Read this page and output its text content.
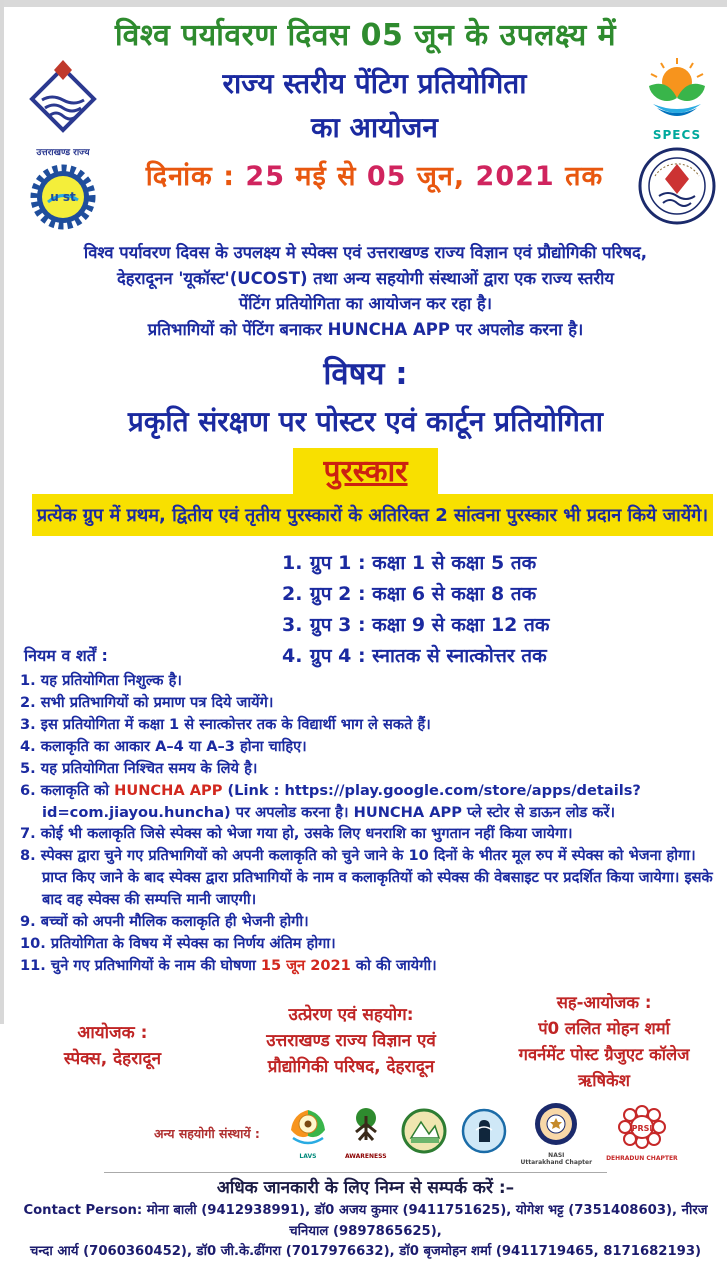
विश्व पर्यावरण दिवस 05 जून के उपलक्ष्य में
उत्तराखण्ड राज्य
u st
राज्य स्तरीय पेंटिग प्रतियोगिता
का आयोजन
दिनांक : 25 मई से 05 जून, 2021 तक
SPECS
विश्व पर्यावरण दिवस के उपलक्ष्य मे स्पेक्स एवं उत्तराखण्ड राज्य विज्ञान एवं प्रौद्योगिकी परिषद,
देहरादूनन 'यूकॉस्ट'(UCOST) तथा अन्य सहयोगी संस्थाओं द्वारा एक राज्य स्तरीय
पेंटिंग प्रतियोगिता का आयोजन कर रहा है।
प्रतिभागियों को पेंटिंग बनाकर HUNCHA APP पर अपलोड करना है।
विषय :
प्रकृति संरक्षण पर पोस्टर एवं कार्टून प्रतियोगिता
पुरस्कार
प्रत्येक ग्रुप में प्रथम, द्वितीय एवं तृतीय पुरस्कारों के अतिरिक्त 2 सांत्वना पुरस्कार भी प्रदान किये जायेंगे।
नियम व शर्तें :
1. ग्रुप 1 : कक्षा 1 से कक्षा 5 तक
2. ग्रुप 2 : कक्षा 6 से कक्षा 8 तक
3. ग्रुप 3 : कक्षा 9 से कक्षा 12 तक
4. ग्रुप 4 : स्नातक से स्नात्कोत्तर तक
1. यह प्रतियोगिता निशुल्क है।
2. सभी प्रतिभागियों को प्रमाण पत्र दिये जायेंगे।
3. इस प्रतियोगिता में कक्षा 1 से स्नात्कोत्तर तक के विद्यार्थी भाग ले सकते हैं।
4. कलाकृति का आकार A–4 या A–3 होना चाहिए।
5. यह प्रतियोगिता निश्चित समय के लिये है।
6. कलाकृति को HUNCHA APP (Link : https://play.google.com/store/apps/details?id=com.jiayou.huncha) पर अपलोड करना है। HUNCHA APP प्ले स्टोर से डाऊन लोड करें।
7. कोई भी कलाकृति जिसे स्पेक्स को भेजा गया हो, उसके लिए धनराशि का भुगतान नहीं किया जायेगा।
8. स्पेक्स द्वारा चुने गए प्रतिभागियों को अपनी कलाकृति को चुने जाने के 10 दिनों के भीतर मूल रुप में स्पेक्स को भेजना होगा। प्राप्त किए जाने के बाद स्पेक्स द्वारा प्रतिभागियों के नाम व कलाकृतियों को स्पेक्स की वेबसाइट पर प्रदर्शित किया जायेगा। इसके बाद वह स्पेक्स की सम्पत्ति मानी जाएगी।
9. बच्चों को अपनी मौलिक कलाकृति ही भेजनी होगी।
10. प्रतियोगिता के विषय में स्पेक्स का निर्णय अंतिम होगा।
11. चुने गए प्रतिभागियों के नाम की घोषणा 15 जून 2021 को की जायेगी।
आयोजक :
स्पेक्स, देहरादून
उत्प्रेरण एवं सहयोग:
उत्तराखण्ड राज्य विज्ञान एवं
प्रौद्योगिकी परिषद, देहरादून
सह-आयोजक :
पं0 ललित मोहन शर्मा
गवर्नमेंट पोस्ट ग्रैजुएट कॉलेज
ऋषिकेश
अन्य सहयोगी संस्थायें :
LAVS	AWARENESS	NASI
Uttarakhand Chapter
PRSI
DEHRADUN CHAPTER
अधिक जानकारी के लिए निम्न से सम्पर्क करें :–
Contact Person: मोना बाली (9412938991), डॉ0 अजय कुमार (9411751625), योगेश भट्ट (7351408603), नीरज चनियाल (9897865625),
चन्दा आर्य (7060360452), डॉ0 जी.के.ढींगरा (7017976632), डॉ0 बृजमोहन शर्मा (9411719465, 8171682193)
